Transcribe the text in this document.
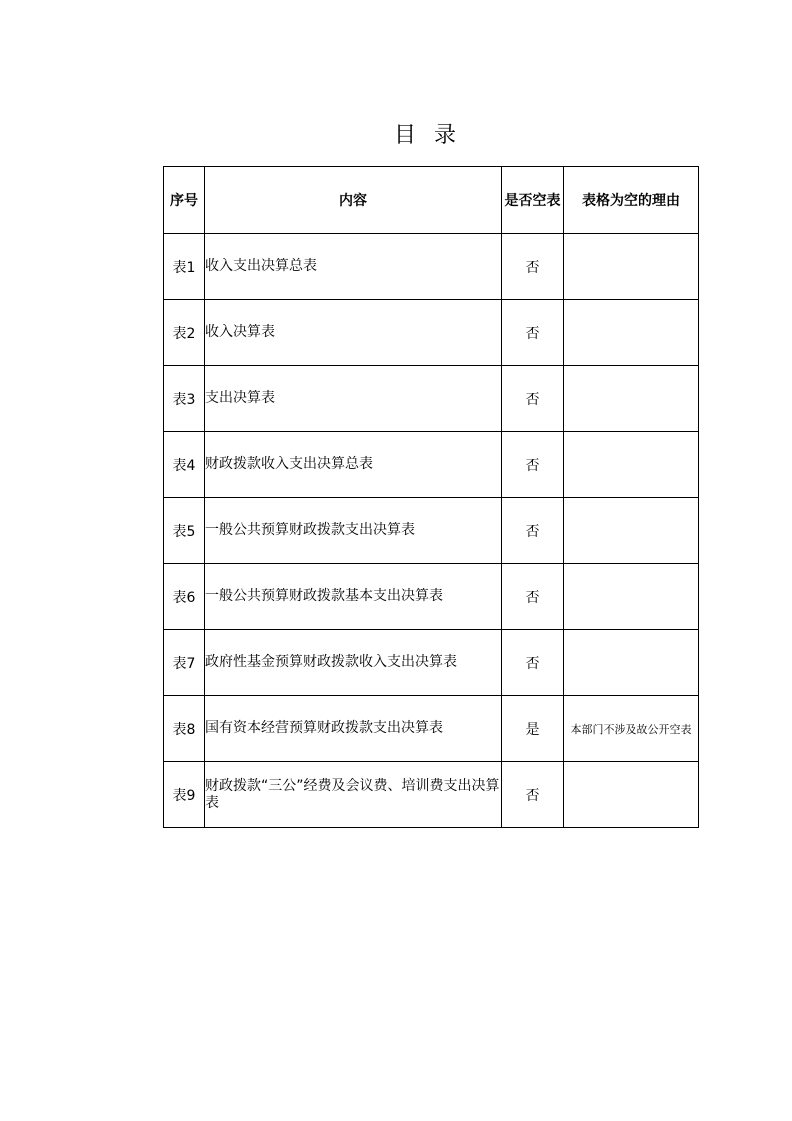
目录
序号	内容	是否空表	表格为空的理由
表1	收入支出决算总表	否	
表2	收入决算表	否	
表3	支出决算表	否	
表4	财政拨款收入支出决算总表	否	
表5	一般公共预算财政拨款支出决算表	否	
表6	一般公共预算财政拨款基本支出决算表	否	
表7	政府性基金预算财政拨款收入支出决算表	否	
表8	国有资本经营预算财政拨款支出决算表	是	本部门不涉及故公开空表
表9	财政拨款“三公”经费及会议费、培训费支出决算表	否	
